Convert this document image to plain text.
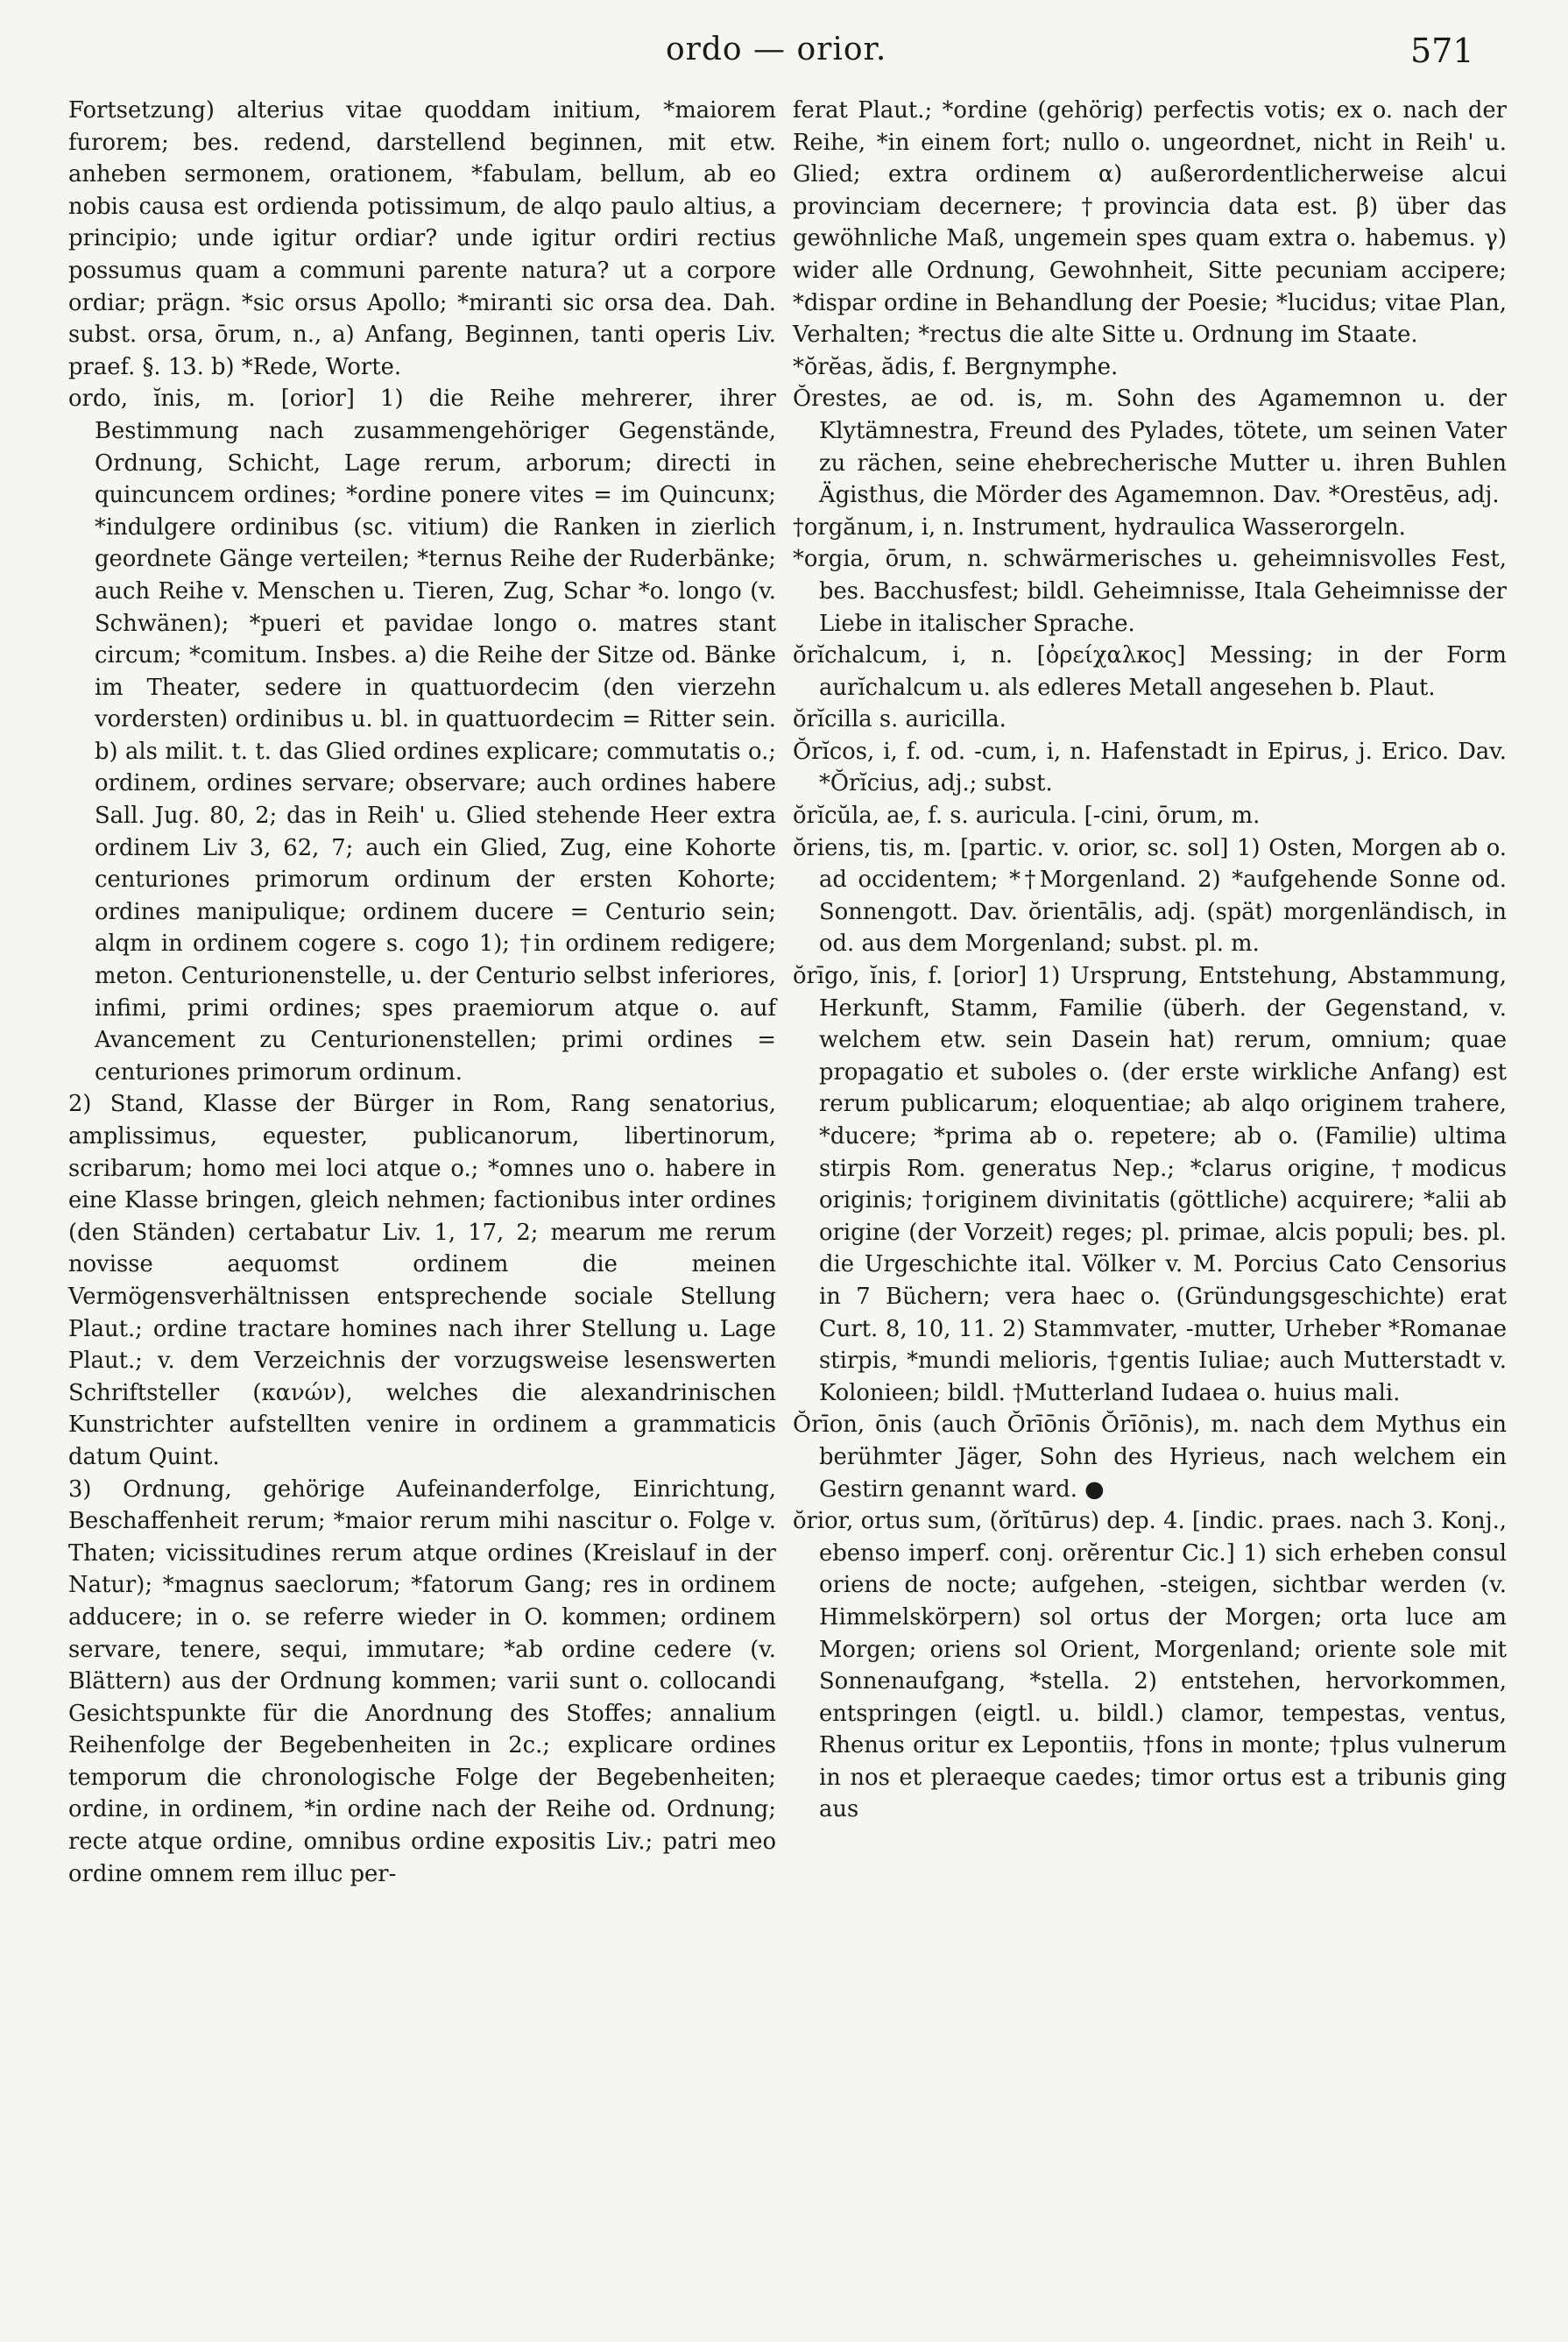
ordo — orior.	571

Fortsetzung) alterius vitae quoddam initium, *maiorem furorem; bes. redend, darstellend beginnen, mit etw. anheben sermonem, orationem, *fabulam, bellum, ab eo nobis causa est ordienda potissimum, de alqo paulo altius, a principio; unde igitur ordiar? unde igitur ordiri rectius possumus quam a communi parente natura? ut a corpore ordiar; prägn. *sic orsus Apollo; *miranti sic orsa dea. Dah. subst. orsa, ōrum, n., a) Anfang, Beginnen, tanti operis Liv. praef. §. 13. b) *Rede, Worte.

ordo, ĭnis, m. [orior] 1) die Reihe mehrerer, ihrer Bestimmung nach zusammengehöriger Gegenstände, Ordnung, Schicht, Lage rerum, arborum; directi in quincuncem ordines; *ordine ponere vites = im Quincunx; *indulgere ordinibus (sc. vitium) die Ranken in zierlich geordnete Gänge verteilen; *ternus Reihe der Ruderbänke; auch Reihe v. Menschen u. Tieren, Zug, Schar *o. longo (v. Schwänen); *pueri et pavidae longo o. matres stant circum; *comitum. Insbes. a) die Reihe der Sitze od. Bänke im Theater, sedere in quattuordecim (den vierzehn vordersten) ordinibus u. bl. in quattuordecim = Ritter sein. b) als milit. t. t. das Glied ordines explicare; commutatis o.; ordinem, ordines servare; observare; auch ordines habere Sall. Jug. 80, 2; das in Reih' u. Glied stehende Heer extra ordinem Liv 3, 62, 7; auch ein Glied, Zug, eine Kohorte centuriones primorum ordinum der ersten Kohorte; ordines manipulique; ordinem ducere = Centurio sein; alqm in ordinem cogere s. cogo 1); †in ordinem redigere; meton. Centurionenstelle, u. der Centurio selbst inferiores, infimi, primi ordines; spes praemiorum atque o. auf Avancement zu Centurionenstellen; primi ordines = centuriones primorum ordinum.

2) Stand, Klasse der Bürger in Rom, Rang senatorius, amplissimus, equester, publicanorum, libertinorum, scribarum; homo mei loci atque o.; *omnes uno o. habere in eine Klasse bringen, gleich nehmen; factionibus inter ordines (den Ständen) certabatur Liv. 1, 17, 2; mearum me rerum novisse aequomst ordinem die meinen Vermögensverhältnissen entsprechende sociale Stellung Plaut.; ordine tractare homines nach ihrer Stellung u. Lage Plaut.; v. dem Verzeichnis der vorzugsweise lesenswerten Schriftsteller (κανών), welches die alexandrinischen Kunstrichter aufstellten venire in ordinem a grammaticis datum Quint.

3) Ordnung, gehörige Aufeinanderfolge, Einrichtung, Beschaffenheit rerum; *maior rerum mihi nascitur o. Folge v. Thaten; vicissitudines rerum atque ordines (Kreislauf in der Natur); *magnus saeclorum; *fatorum Gang; res in ordinem adducere; in o. se referre wieder in O. kommen; ordinem servare, tenere, sequi, immutare; *ab ordine cedere (v. Blättern) aus der Ordnung kommen; varii sunt o. collocandi Gesichtspunkte für die Anordnung des Stoffes; annalium Reihenfolge der Begebenheiten in 2c.; explicare ordines temporum die chronologische Folge der Begebenheiten; ordine, in ordinem, *in ordine nach der Reihe od. Ordnung; recte atque ordine, omnibus ordine expositis Liv.; patri meo ordine omnem rem illuc per-

ferat Plaut.; *ordine (gehörig) perfectis votis; ex o. nach der Reihe, *in einem fort; nullo o. ungeordnet, nicht in Reih' u. Glied; extra ordinem α) außerordentlicherweise alcui provinciam decernere; †provincia data est. β) über das gewöhnliche Maß, ungemein spes quam extra o. habemus. γ) wider alle Ordnung, Gewohnheit, Sitte pecuniam accipere; *dispar ordine in Behandlung der Poesie; *lucidus; vitae Plan, Verhalten; *rectus die alte Sitte u. Ordnung im Staate.

*ŏrĕas, ădis, f. Bergnymphe.

Ŏrestes, ae od. is, m. Sohn des Agamemnon u. der Klytämnestra, Freund des Pylades, tötete, um seinen Vater zu rächen, seine ehebrecherische Mutter u. ihren Buhlen Ägisthus, die Mörder des Agamemnon. Dav. *Orestēus, adj.

†orgănum, i, n. Instrument, hydraulica Wasserorgeln.

*orgia, ōrum, n. schwärmerisches u. geheimnisvolles Fest, bes. Bacchusfest; bildl. Geheimnisse, Itala Geheimnisse der Liebe in italischer Sprache.

ŏrĭchalcum, i, n. [ὀρείχαλκος] Messing; in der Form aurĭchalcum u. als edleres Metall angesehen b. Plaut.

ŏrĭcilla s. auricilla.

Ŏrĭcos, i, f. od. -cum, i, n. Hafenstadt in Epirus, j. Erico. Dav. *Ŏrĭcius, adj.; subst.

ŏrĭcŭla, ae, f. s. auricula. [-cini, ōrum, m.

ŏriens, tis, m. [partic. v. orior, sc. sol] 1) Osten, Morgen ab o. ad occidentem; *†Morgenland. 2) *aufgehende Sonne od. Sonnengott. Dav. ŏrientālis, adj. (spät) morgenländisch, in od. aus dem Morgenland; subst. pl. m.

ŏrīgo, ĭnis, f. [orior] 1) Ursprung, Entstehung, Abstammung, Herkunft, Stamm, Familie (überh. der Gegenstand, v. welchem etw. sein Dasein hat) rerum, omnium; quae propagatio et suboles o. (der erste wirkliche Anfang) est rerum publicarum; eloquentiae; ab alqo originem trahere, *ducere; *prima ab o. repetere; ab o. (Familie) ultima stirpis Rom. generatus Nep.; *clarus origine, †modicus originis; †originem divinitatis (göttliche) acquirere; *alii ab origine (der Vorzeit) reges; pl. primae, alcis populi; bes. pl. die Urgeschichte ital. Völker v. M. Porcius Cato Censorius in 7 Büchern; vera haec o. (Gründungsgeschichte) erat Curt. 8, 10, 11. 2) Stammvater, -mutter, Urheber *Romanae stirpis, *mundi melioris, †gentis Iuliae; auch Mutterstadt v. Kolonieen; bildl. †Mutterland Iudaea o. huius mali.

Ŏrīon, ōnis (auch Ŏrīōnis Ŏrīōnis), m. nach dem Mythus ein berühmter Jäger, Sohn des Hyrieus, nach welchem ein Gestirn genannt ward. ●

ŏrior, ortus sum, (ŏrĭtūrus) dep. 4. [indic. praes. nach 3. Konj., ebenso imperf. conj. orĕrentur Cic.] 1) sich erheben consul oriens de nocte; aufgehen, -steigen, sichtbar werden (v. Himmelskörpern) sol ortus der Morgen; orta luce am Morgen; oriens sol Orient, Morgenland; oriente sole mit Sonnenaufgang, *stella. 2) entstehen, hervorkommen, entspringen (eigtl. u. bildl.) clamor, tempestas, ventus, Rhenus oritur ex Lepontiis, †fons in monte; †plus vulnerum in nos et pleraeque caedes; timor ortus est a tribunis ging aus
